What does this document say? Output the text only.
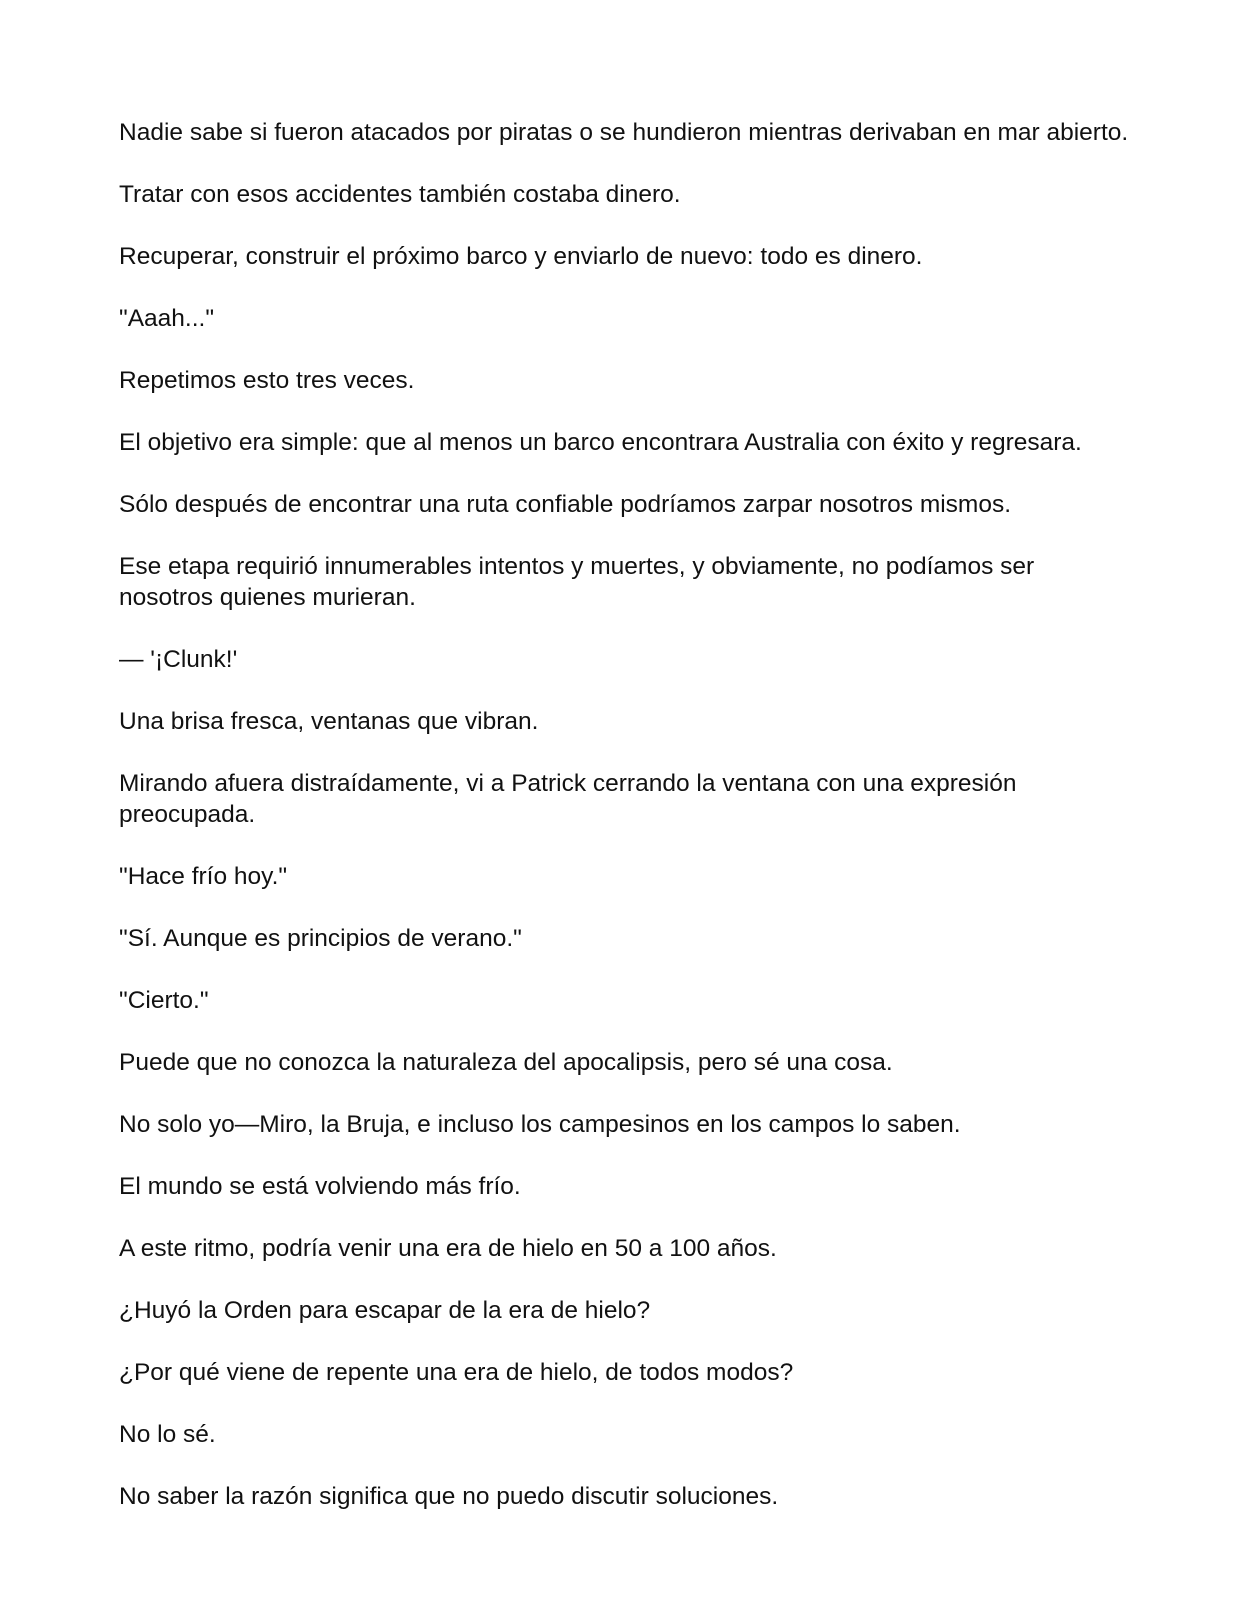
Nadie sabe si fueron atacados por piratas o se hundieron mientras derivaban en mar abierto.

Tratar con esos accidentes también costaba dinero.

Recuperar, construir el próximo barco y enviarlo de nuevo: todo es dinero.

"Aaah..."

Repetimos esto tres veces.

El objetivo era simple: que al menos un barco encontrara Australia con éxito y regresara.

Sólo después de encontrar una ruta confiable podríamos zarpar nosotros mismos.

Ese etapa requirió innumerables intentos y muertes, y obviamente, no podíamos ser nosotros quienes murieran.

— '¡Clunk!'

Una brisa fresca, ventanas que vibran.

Mirando afuera distraídamente, vi a Patrick cerrando la ventana con una expresión preocupada.

"Hace frío hoy."

"Sí. Aunque es principios de verano."

"Cierto."

Puede que no conozca la naturaleza del apocalipsis, pero sé una cosa.

No solo yo—Miro, la Bruja, e incluso los campesinos en los campos lo saben.

El mundo se está volviendo más frío.

A este ritmo, podría venir una era de hielo en 50 a 100 años.

¿Huyó la Orden para escapar de la era de hielo?

¿Por qué viene de repente una era de hielo, de todos modos?

No lo sé.

No saber la razón significa que no puedo discutir soluciones.
